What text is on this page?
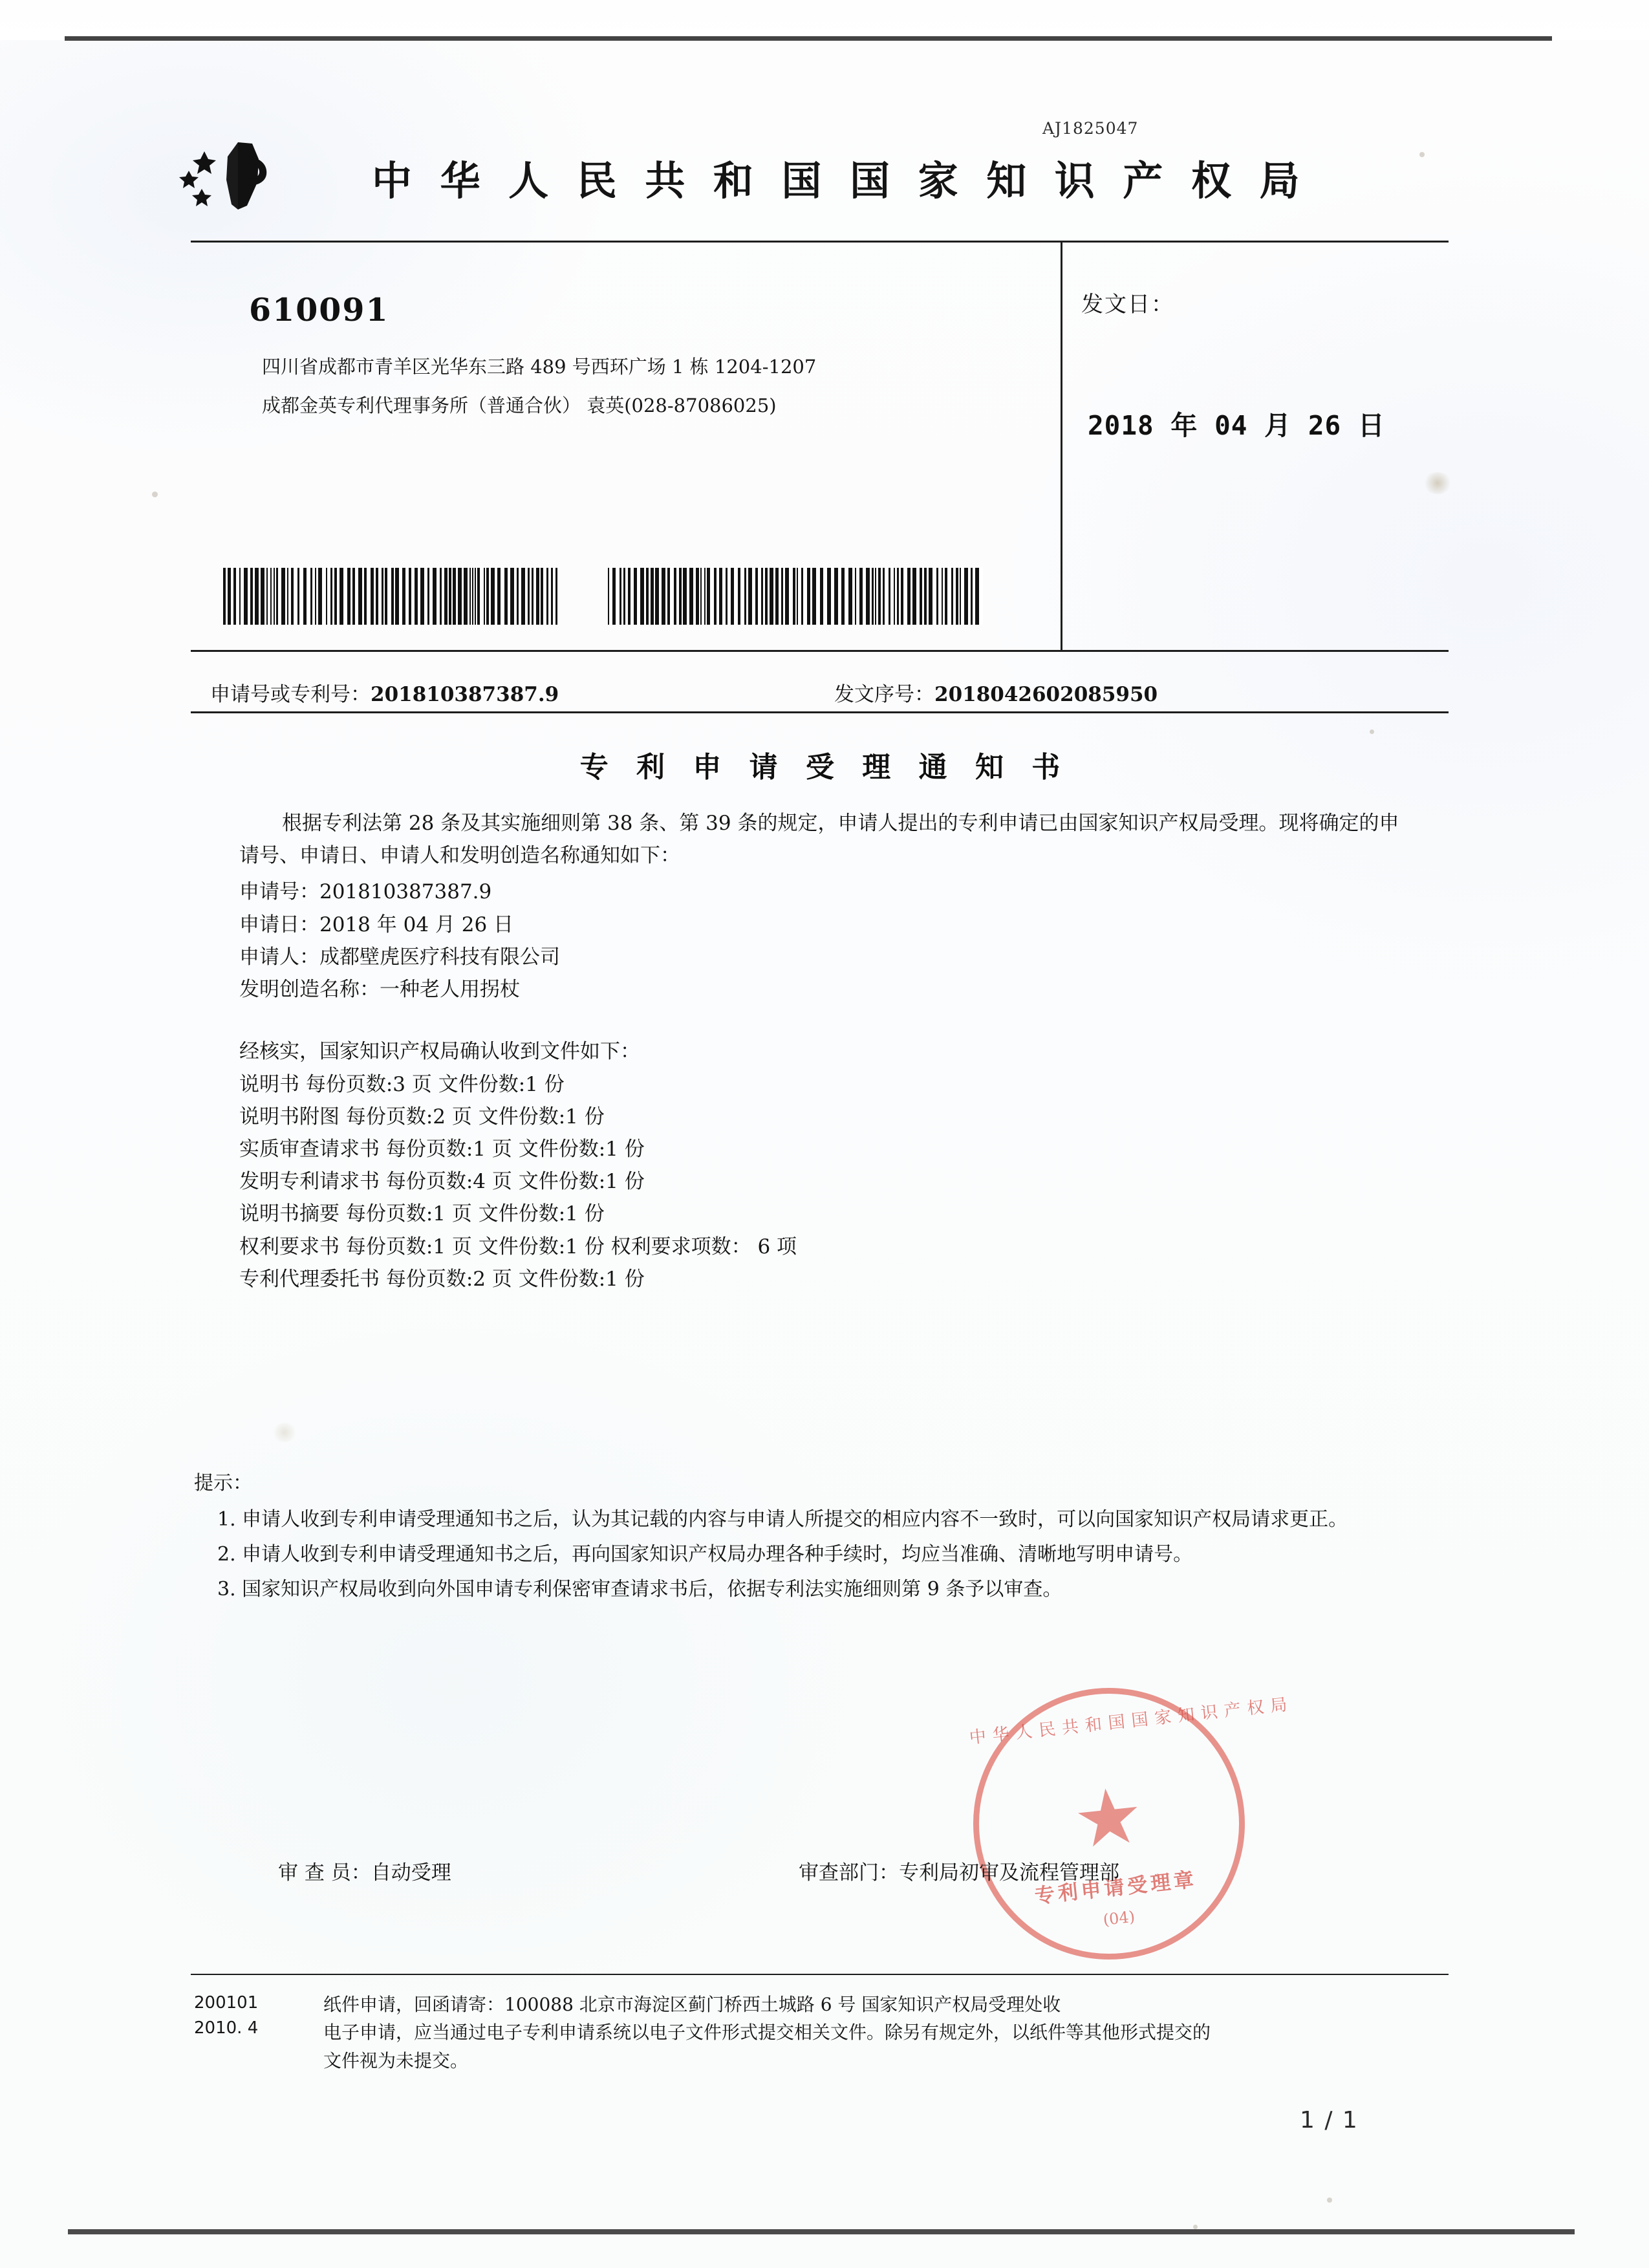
AJ1825047
中 华 人 民 共 和 国 国 家 知 识 产 权 局
610091
四川省成都市青羊区光华东三路 489 号西环广场 1 栋 1204-1207
成都金英专利代理事务所（普通合伙） 袁英(028-87086025)
发文日：
2018 年 04 月 26 日
申请号或专利号：201810387387.9	发文序号：2018042602085950
专 利 申 请 受 理 通 知 书

根据专利法第 28 条及其实施细则第 38 条、第 39 条的规定，申请人提出的专利申请已由国家知识产权局受理。现将确定的申请号、申请日、申请人和发明创造名称通知如下：

申请号：201810387387.9

申请日：2018 年 04 月 26 日

申请人：成都壁虎医疗科技有限公司

发明创造名称：一种老人用拐杖

经核实，国家知识产权局确认收到文件如下：

说明书 每份页数:3 页 文件份数:1 份

说明书附图 每份页数:2 页 文件份数:1 份

实质审查请求书 每份页数:1 页 文件份数:1 份

发明专利请求书 每份页数:4 页 文件份数:1 份

说明书摘要 每份页数:1 页 文件份数:1 份

权利要求书 每份页数:1 页 文件份数:1 份 权利要求项数： 6 项

专利代理委托书 每份页数:2 页 文件份数:1 份

提示：

1. 申请人收到专利申请受理通知书之后，认为其记载的内容与申请人所提交的相应内容不一致时，可以向国家知识产权局请求更正。

2. 申请人收到专利申请受理通知书之后，再向国家知识产权局办理各种手续时，均应当准确、清晰地写明申请号。

3. 国家知识产权局收到向外国申请专利保密审查请求书后，依据专利法实施细则第 9 条予以审查。

中华人民共和国国家知识产权局
★
专利申请受理章
(04)
审 查 员：自动受理	审查部门：专利局初审及流程管理部
200101
2010. 4

纸件申请，回函请寄：100088 北京市海淀区蓟门桥西土城路 6 号 国家知识产权局受理处收

电子申请，应当通过电子专利申请系统以电子文件形式提交相关文件。除另有规定外，以纸件等其他形式提交的

文件视为未提交。

1 / 1
